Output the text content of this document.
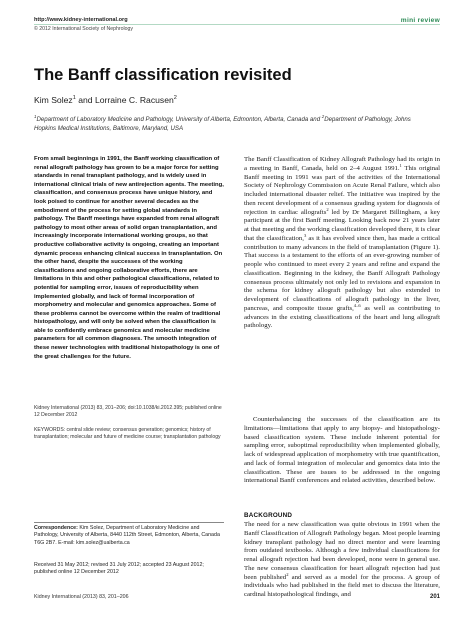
http://www.kidney-international.org
© 2012 International Society of Nephrology
mini review
The Banff classification revisited
Kim Solez$^1$ and Lorraine C. Racusen$^2$
$^1$Department of Laboratory Medicine and Pathology, University of Alberta, Edmonton, Alberta, Canada and $^2$Department of Pathology, Johns Hopkins Medical Institutions, Baltimore, Maryland, USA

From small beginnings in 1991, the Banff working classification of renal allograft pathology has grown to be a major force for setting standards in renal transplant pathology, and is widely used in international clinical trials of new antirejection agents. The meeting, classification, and consensus process have unique history, and look poised to continue for another several decades as the embodiment of the process for setting global standards in pathology. The Banff meetings have expanded from renal allograft pathology to most other areas of solid organ transplantation, and increasingly incorporate international working groups, so that productive collaborative activity is ongoing, creating an important dynamic process enhancing clinical success in transplantation. On the other hand, despite the successes of the working classifications and ongoing collaborative efforts, there are limitations in this and other pathological classifications, related to potential for sampling error, issues of reproducibility when implemented globally, and lack of formal incorporation of morphometry and molecular and genomics approaches. Some of these problems cannot be overcome within the realm of traditional histopathology, and will only be solved when the classification is able to confidently embrace genomics and molecular medicine parameters for all common diagnoses. The smooth integration of these newer technologies with traditional histopathology is one of the great challenges for the future.

Kidney International (2013) 83, 201–206; doi:10.1038/ki.2012.395; published online 12 December 2012

KEYWORDS: central slide review; consensus generation; genomics; history of transplantation; molecular and future of medicine course; transplantation pathology

Correspondence: Kim Solez, Department of Laboratory Medicine and Pathology, University of Alberta, 8440 112th Street, Edmonton, Alberta, Canada T6G 2B7. E-mail: kim.solez@ualberta.ca

Received 31 May 2012; revised 31 July 2012; accepted 23 August 2012; published online 12 December 2012

The Banff Classification of Kidney Allograft Pathology had its origin in a meeting in Banff, Canada, held on 2–4 August 1991.$^1$ This original Banff meeting in 1991 was part of the activities of the International Society of Nephrology Commission on Acute Renal Failure, which also included international disaster relief. The initiative was inspired by the then recent development of a consensus grading system for diagnosis of rejection in cardiac allografts$^2$ led by Dr Margaret Billingham, a key participant at the first Banff meeting. Looking back now 21 years later at that meeting and the working classification developed there, it is clear that the classification,$^3$ as it has evolved since then, has made a critical contribution to many advances in the field of transplantation (Figure 1). That success is a testament to the efforts of an ever-growing number of people who continued to meet every 2 years and refine and expand the classification. Beginning in the kidney, the Banff Allograft Pathology consensus process ultimately not only led to revisions and expansion in the schema for kidney allograft pathology but also extended to development of classifications of allograft pathology in the liver, pancreas, and composite tissue grafts,$^{4-6}$ as well as contributing to advances in the existing classifications of the heart and lung allograft pathology.

Counterbalancing the successes of the classification are its limitations—limitations that apply to any biopsy- and histopathology-based classification system. These include inherent potential for sampling error, suboptimal reproducibility when implemented globally, lack of widespread application of morphometry with true quantification, and lack of formal integration of molecular and genomics data into the classification. These are issues to be addressed in the ongoing international Banff conferences and related activities, described below.

BACKGROUND

The need for a new classification was quite obvious in 1991 when the Banff Classification of Allograft Pathology began. Most people learning kidney transplant pathology had no direct mentor and were learning from outdated textbooks. Although a few individual classifications for renal allograft rejection had been developed, none were in general use. The new consensus classification for heart allograft rejection had just been published$^2$ and served as a model for the process. A group of individuals who had published in the field met to discuss the literature, cardinal histopathological findings, and

Kidney International (2013) 83, 201–206	201
